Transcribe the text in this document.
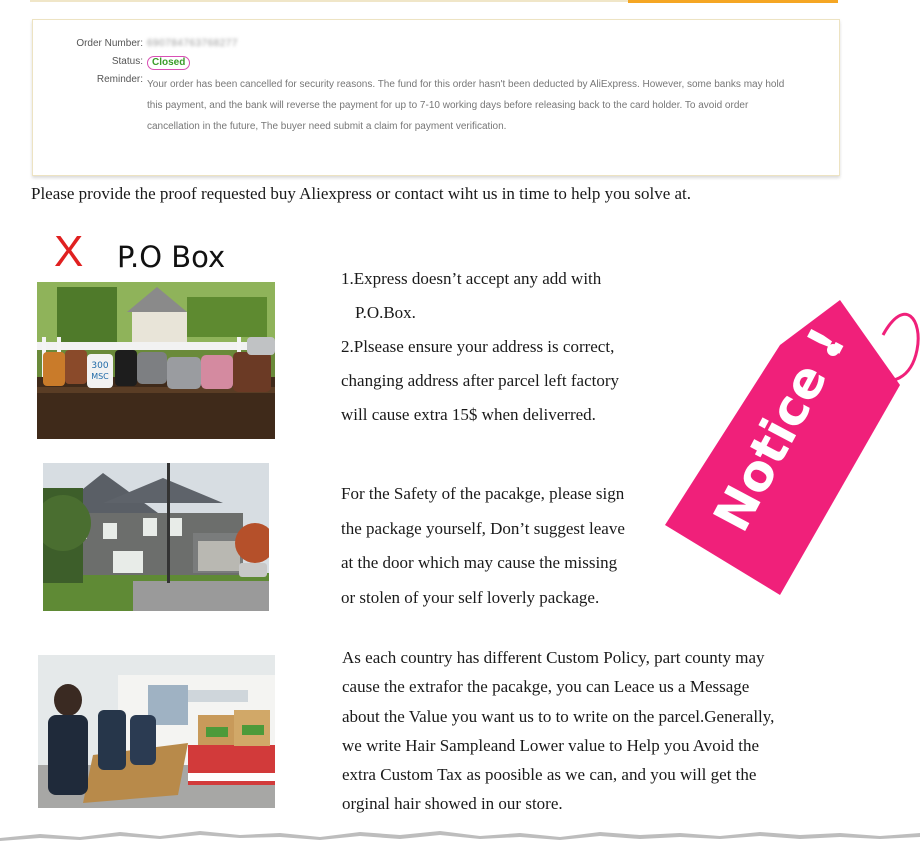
Order Number: 690784763768277
Status: Closed
Reminder: Your order has been cancelled for security reasons. The fund for this order hasn't been deducted by AliExpress. However, some banks may hold
this payment, and the bank will reverse the payment for up to 7-10 working days before releasing back to the card holder. To avoid order
cancellation in the future, The buyer need submit a claim for payment verification.
Please provide the proof requested buy Aliexpress or contact wiht us in time to help you solve at.
X P.O Box
300
MSC
1.Express doesn’t accept any add with
P.O.Box.
2.Plsease ensure your address is correct,
changing address after parcel left factory
will cause extra 15$ when deliverred.
For the Safety of the pacakge, please sign
the package yourself, Don’t suggest leave
at the door which may cause the missing
or stolen of your self loverly package.
As each country has different Custom Policy, part county may
cause the extrafor the pacakge, you can Leace us a Message
about the Value you want us to to write on the parcel.Generally,
we write Hair Sampleand Lower value to Help you Avoid the
extra Custom Tax as poosible as we can, and you will get the
orginal hair showed in our store.
Notice !
